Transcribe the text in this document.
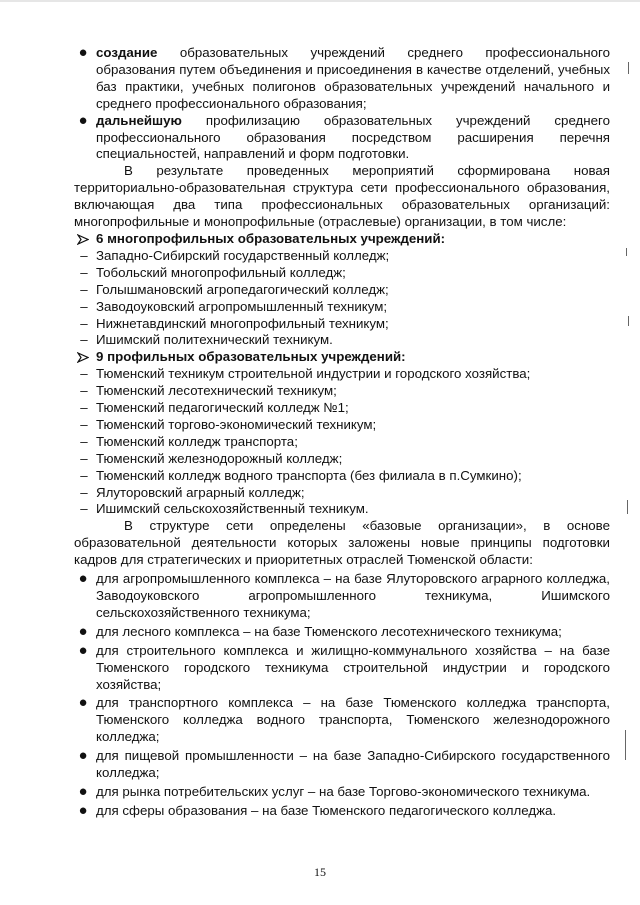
● создание образовательных учреждений среднего профессионального образования путем объединения и присоединения в качестве отделений, учебных баз практики, учебных полигонов образовательных учреждений начального и среднего профессионального образования;
● дальнейшую профилизацию образовательных учреждений среднего профессионального образования посредством расширения перечня специальностей, направлений и форм подготовки.
В результате проведенных мероприятий сформирована новая территориально-образовательная структура сети профессионального образования, включающая два типа профессиональных образовательных организаций: многопрофильные и монопрофильные (отраслевые) организации, в том числе:
6 многопрофильных образовательных учреждений:
– Западно-Сибирский государственный колледж;
– Тобольский многопрофильный колледж;
– Голышмановский агропедагогический колледж;
– Заводоуковский агропромышленный техникум;
– Нижнетавдинский многопрофильный техникум;
– Ишимский политехнический техникум.
9 профильных образовательных учреждений:
– Тюменский техникум строительной индустрии и городского хозяйства;
– Тюменский лесотехнический техникум;
– Тюменский педагогический колледж №1;
– Тюменский торгово-экономический техникум;
– Тюменский колледж транспорта;
– Тюменский железнодорожный колледж;
– Тюменский колледж водного транспорта (без филиала в п.Сумкино);
– Ялуторовский аграрный колледж;
– Ишимский сельскохозяйственный техникум.
В структуре сети определены «базовые организации», в основе образовательной деятельности которых заложены новые принципы подготовки кадров для стратегических и приоритетных отраслей Тюменской области:
● для агропромышленного комплекса – на базе Ялуторовского аграрного колледжа, Заводоуковского агропромышленного техникума, Ишимского сельскохозяйственного техникума;
● для лесного комплекса – на базе Тюменского лесотехнического техникума;
● для строительного комплекса и жилищно-коммунального хозяйства – на базе Тюменского городского техникума строительной индустрии и городского хозяйства;
● для транспортного комплекса – на базе Тюменского колледжа транспорта, Тюменского колледжа водного транспорта, Тюменского железнодорожного колледжа;
● для пищевой промышленности – на базе Западно-Сибирского государственного колледжа;
● для рынка потребительских услуг – на базе Торгово-экономического техникума.
● для сферы образования – на базе Тюменского педагогического колледжа.
15
